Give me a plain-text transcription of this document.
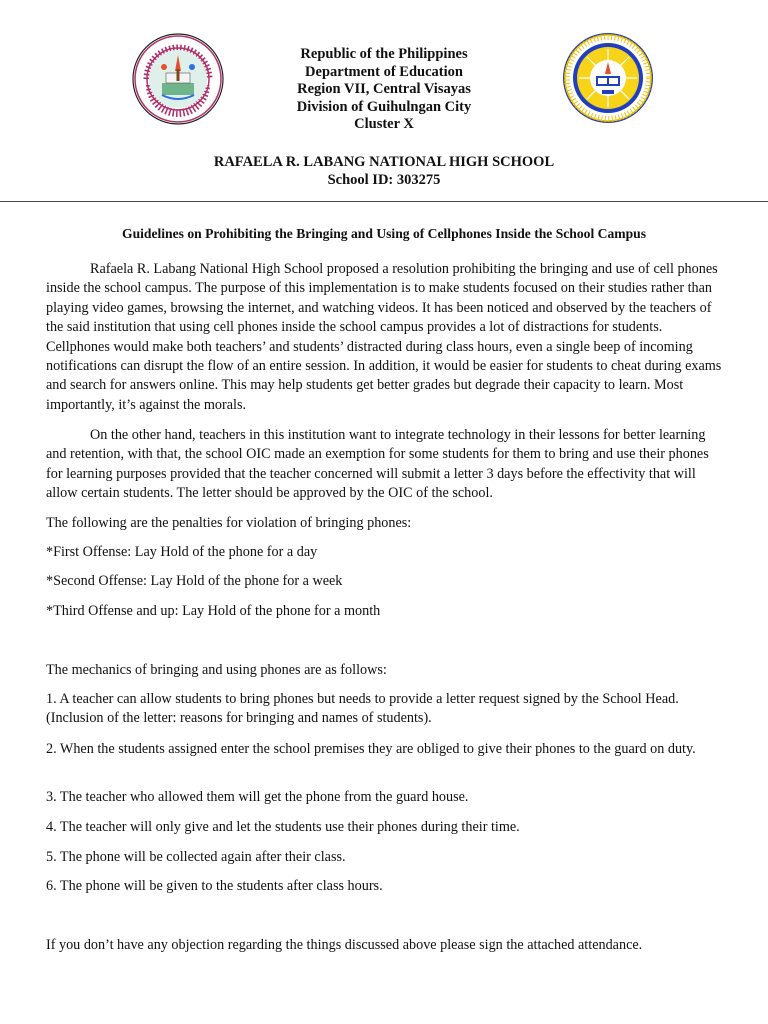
Republic of the Philippines
Department of Education
Region VII, Central Visayas
Division of Guihulngan City
Cluster X
RAFAELA R. LABANG NATIONAL HIGH SCHOOL
School ID: 303275
Guidelines on Prohibiting the Bringing and Using of Cellphones Inside the School Campus

Rafaela R. Labang National High School proposed a resolution prohibiting the bringing and use of cell phones inside the school campus. The purpose of this implementation is to make students focused on their studies rather than playing video games, browsing the internet, and watching videos. It has been noticed and observed by the teachers of the said institution that using cell phones inside the school campus provides a lot of distractions for students. Cellphones would make both teachers’ and students’ distracted during class hours, even a single beep of incoming notifications can disrupt the flow of an entire session. In addition, it would be easier for students to cheat during exams and search for answers online. This may help students get better grades but degrade their capacity to learn. Most importantly, it’s against the morals.

On the other hand, teachers in this institution want to integrate technology in their lessons for better learning and retention, with that, the school OIC made an exemption for some students for them to bring and use their phones for learning purposes provided that the teacher concerned will submit a letter 3 days before the effectivity that will allow certain students. The letter should be approved by the OIC of the school.

The following are the penalties for violation of bringing phones:
*First Offense: Lay Hold of the phone for a day
*Second Offense: Lay Hold of the phone for a week
*Third Offense and up: Lay Hold of the phone for a month
The mechanics of bringing and using phones are as follows:

1. A teacher can allow students to bring phones but needs to provide a letter request signed by the School Head. (Inclusion of the letter: reasons for bringing and names of students).

2. When the students assigned enter the school premises they are obliged to give their phones to the guard on duty.

3. The teacher who allowed them will get the phone from the guard house.
4. The teacher will only give and let the students use their phones during their time.
5. The phone will be collected again after their class.
6. The phone will be given to the students after class hours.
If you don’t have any objection regarding the things discussed above please sign the attached attendance.
